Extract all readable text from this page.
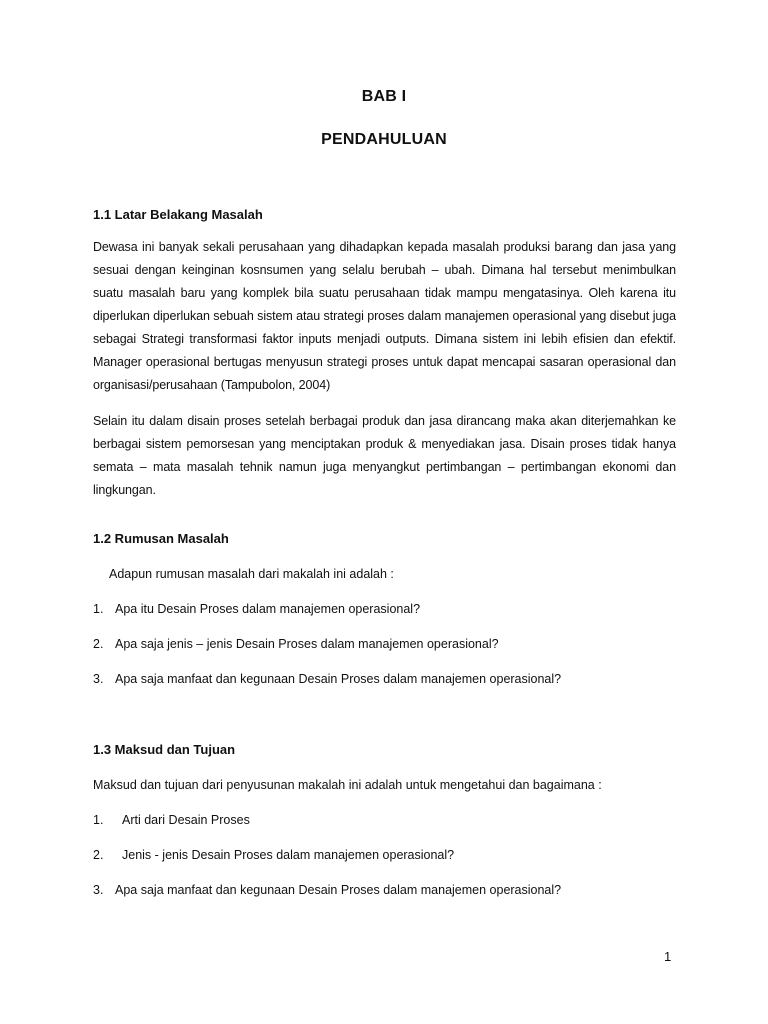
BAB I
PENDAHULUAN
1.1 Latar Belakang Masalah

Dewasa ini banyak sekali perusahaan yang dihadapkan kepada masalah produksi barang dan jasa yang sesuai dengan keinginan kosnsumen yang selalu berubah – ubah. Dimana hal tersebut menimbulkan suatu masalah baru yang komplek bila suatu perusahaan tidak mampu mengatasinya. Oleh karena itu diperlukan diperlukan sebuah sistem atau strategi proses dalam manajemen operasional yang disebut juga sebagai Strategi transformasi faktor inputs menjadi outputs. Dimana sistem ini lebih efisien dan efektif. Manager operasional bertugas menyusun strategi proses untuk dapat mencapai sasaran operasional dan organisasi/perusahaan (Tampubolon, 2004)

Selain itu dalam disain proses setelah berbagai produk dan jasa dirancang maka akan diterjemahkan ke berbagai sistem pemorsesan yang menciptakan produk & menyediakan jasa. Disain proses tidak hanya semata – mata masalah tehnik namun juga menyangkut pertimbangan – pertimbangan ekonomi dan lingkungan.

1.2 Rumusan Masalah
Adapun rumusan masalah dari makalah ini adalah :
1. Apa itu Desain Proses dalam manajemen operasional?
2. Apa saja jenis – jenis Desain Proses dalam manajemen operasional?
3. Apa saja manfaat dan kegunaan Desain Proses dalam manajemen operasional?
1.3 Maksud dan Tujuan
Maksud dan tujuan dari penyusunan makalah ini adalah untuk mengetahui dan bagaimana :
1. Arti dari Desain Proses
2. Jenis - jenis Desain Proses dalam manajemen operasional?
3. Apa saja manfaat dan kegunaan Desain Proses dalam manajemen operasional?
1
